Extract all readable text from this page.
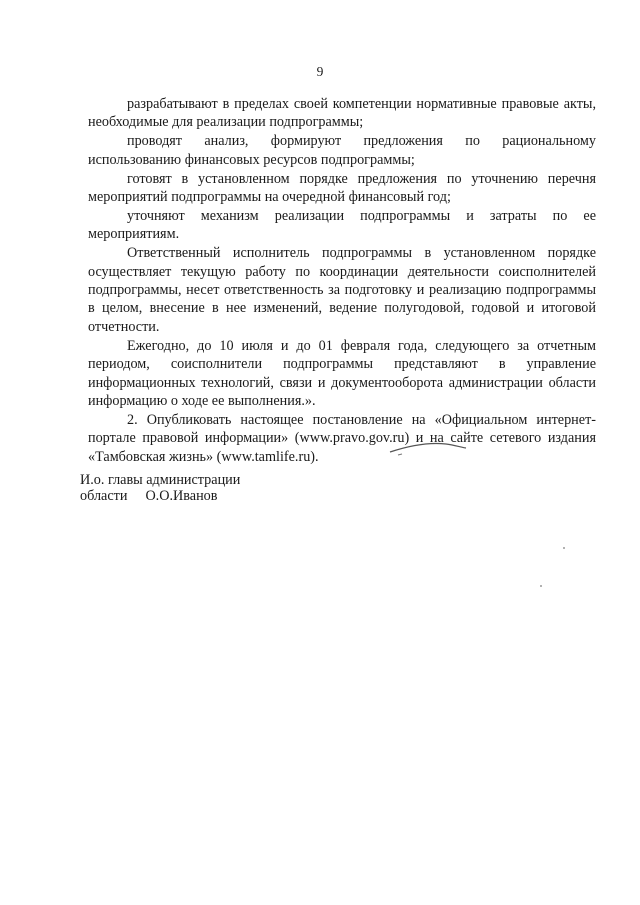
9

разрабатывают в пределах своей компетенции нормативные правовые акты, необходимые для реализации подпрограммы;

проводят анализ, формируют предложения по рациональному использованию финансовых ресурсов подпрограммы;

готовят в установленном порядке предложения по уточнению перечня мероприятий подпрограммы на очередной финансовый год;

уточняют механизм реализации подпрограммы и затраты по ее мероприятиям.

Ответственный исполнитель подпрограммы в установленном порядке осуществляет текущую работу по координации деятельности соисполнителей подпрограммы, несет ответственность за подготовку и реализацию подпрограммы в целом, внесение в нее изменений, ведение полугодовой, годовой и итоговой отчетности.

Ежегодно, до 10 июля и до 01 февраля года, следующего за отчетным периодом, соисполнители подпрограммы представляют в управление информационных технологий, связи и документооборота администрации области информацию о ходе ее выполнения.».

2. Опубликовать настоящее постановление на «Официальном интернет-портале правовой информации» (www.pravo.gov.ru) и на сайте сетевого издания «Тамбовская жизнь» (www.tamlife.ru).

И.о. главы администрации
области О.О.Иванов
